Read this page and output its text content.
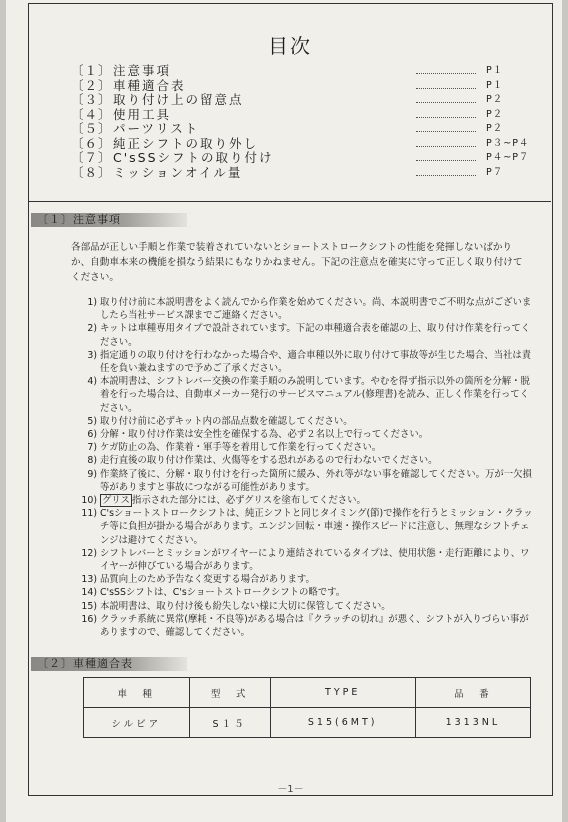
目次
〔１〕注意事項	P１
〔２〕車種適合表	P１
〔３〕取り付け上の留意点	P２
〔４〕使用工具	P２
〔５〕パーツリスト	P２
〔６〕純正シフトの取り外し	P３~P４
〔７〕C'sSSシフトの取り付け	P４~P７
〔８〕ミッションオイル量	P７
〔１〕注意事項
各部品が正しい手順と作業で装着されていないとショートストロークシフトの性能を発揮しないばかりか、自動車本来の機能を損なう結果にもなりかねません。下記の注意点を確実に守って正しく取り付けてください。
1) 取り付け前に本説明書をよく読んでから作業を始めてください。尚、本説明書でご不明な点がございましたら当社サービス課までご連絡ください。
2) キットは車種専用タイプで設計されています。下記の車種適合表を確認の上、取り付け作業を行ってください。
3) 指定通りの取り付けを行わなかった場合や、適合車種以外に取り付けて事故等が生じた場合、当社は責任を負い兼ねますので予めご了承ください。
4) 本説明書は、シフトレバー交換の作業手順のみ説明しています。やむを得ず指示以外の箇所を分解・脱着を行った場合は、自動車メーカー発行のサービスマニュアル(修理書)を読み、正しく作業を行ってください。
5) 取り付け前に必ずキット内の部品点数を確認してください。
6) 分解・取り付け作業は安全性を確保する為、必ず２名以上で行ってください。
7) ケガ防止の為、作業着・軍手等を着用して作業を行ってください。
8) 走行直後の取り付け作業は、火傷等をする恐れがあるので行わないでください。
9) 作業終了後に、分解・取り付けを行った箇所に緩み、外れ等がない事を確認してください。万が一欠損等がありますと事故につながる可能性があります。
10) グリス 指示された部分には、必ずグリスを塗布してください。
11) C'sショートストロークシフトは、純正シフトと同じタイミング(節)で操作を行うとミッション・クラッチ等に負担が掛かる場合があります。エンジン回転・車速・操作スピードに注意し、無理なシフトチェンジは避けてください。
12) シフトレバーとミッションがワイヤーにより連結されているタイプは、使用状態・走行距離により、ワイヤーが伸びている場合があります。
13) 品質向上のため予告なく変更する場合があります。
14) C'sSSシフトは、C'sショートストロークシフトの略です。
15) 本説明書は、取り付け後も紛失しない様に大切に保管してください。
16) クラッチ系統に異常(摩耗・不良等)がある場合は『クラッチの切れ』が悪く、シフトが入りづらい事がありますので、確認してください。
〔２〕車種適合表
車　種	型　式	TYPE	品　番
シルビア	S１５	S15(6MT)	1313NL
－1－
